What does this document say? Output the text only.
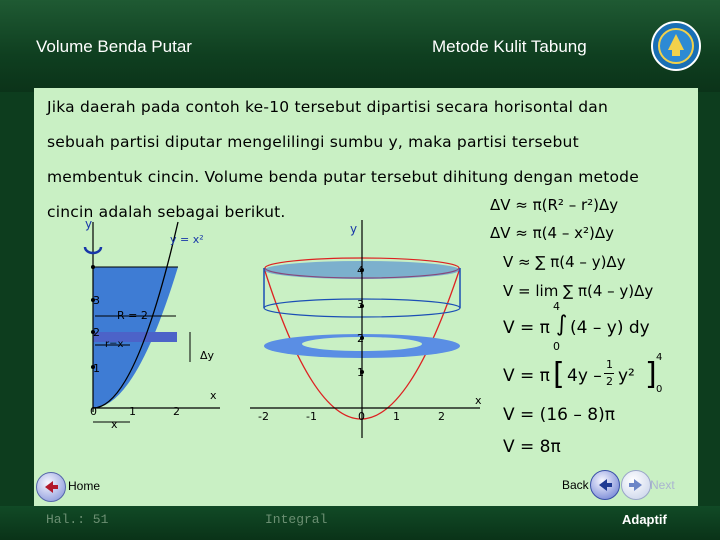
Volume Benda Putar	Metode Kulit Tabung
Jika daerah pada contoh ke-10 tersebut dipartisi secara horisontal dan
sebuah partisi diputar mengelilingi sumbu y, maka partisi tersebut
membentuk cincin. Volume benda putar tersebut dihitung dengan metode
cincin adalah sebagai berikut.
y
y = x²
3
2
1
R = 2
r=x
Δy
x
0	1	2
x
y
4
3
2
1
x
-2	-1	0	1	2
ΔV ≈ π(R² – r²)Δy
ΔV ≈ π(4 – x²)Δy
V ≈ ∑ π(4 – y)Δy
V = lim ∑ π(4 – y)Δy
V = π
4
∫
0
(4 – y) dy
V = π [ 4y –
1
2 y² ] 4
0
V = (16 – 8)π
V = 8π
Home	Back	Next
Hal.: 51	Integral	Adaptif
